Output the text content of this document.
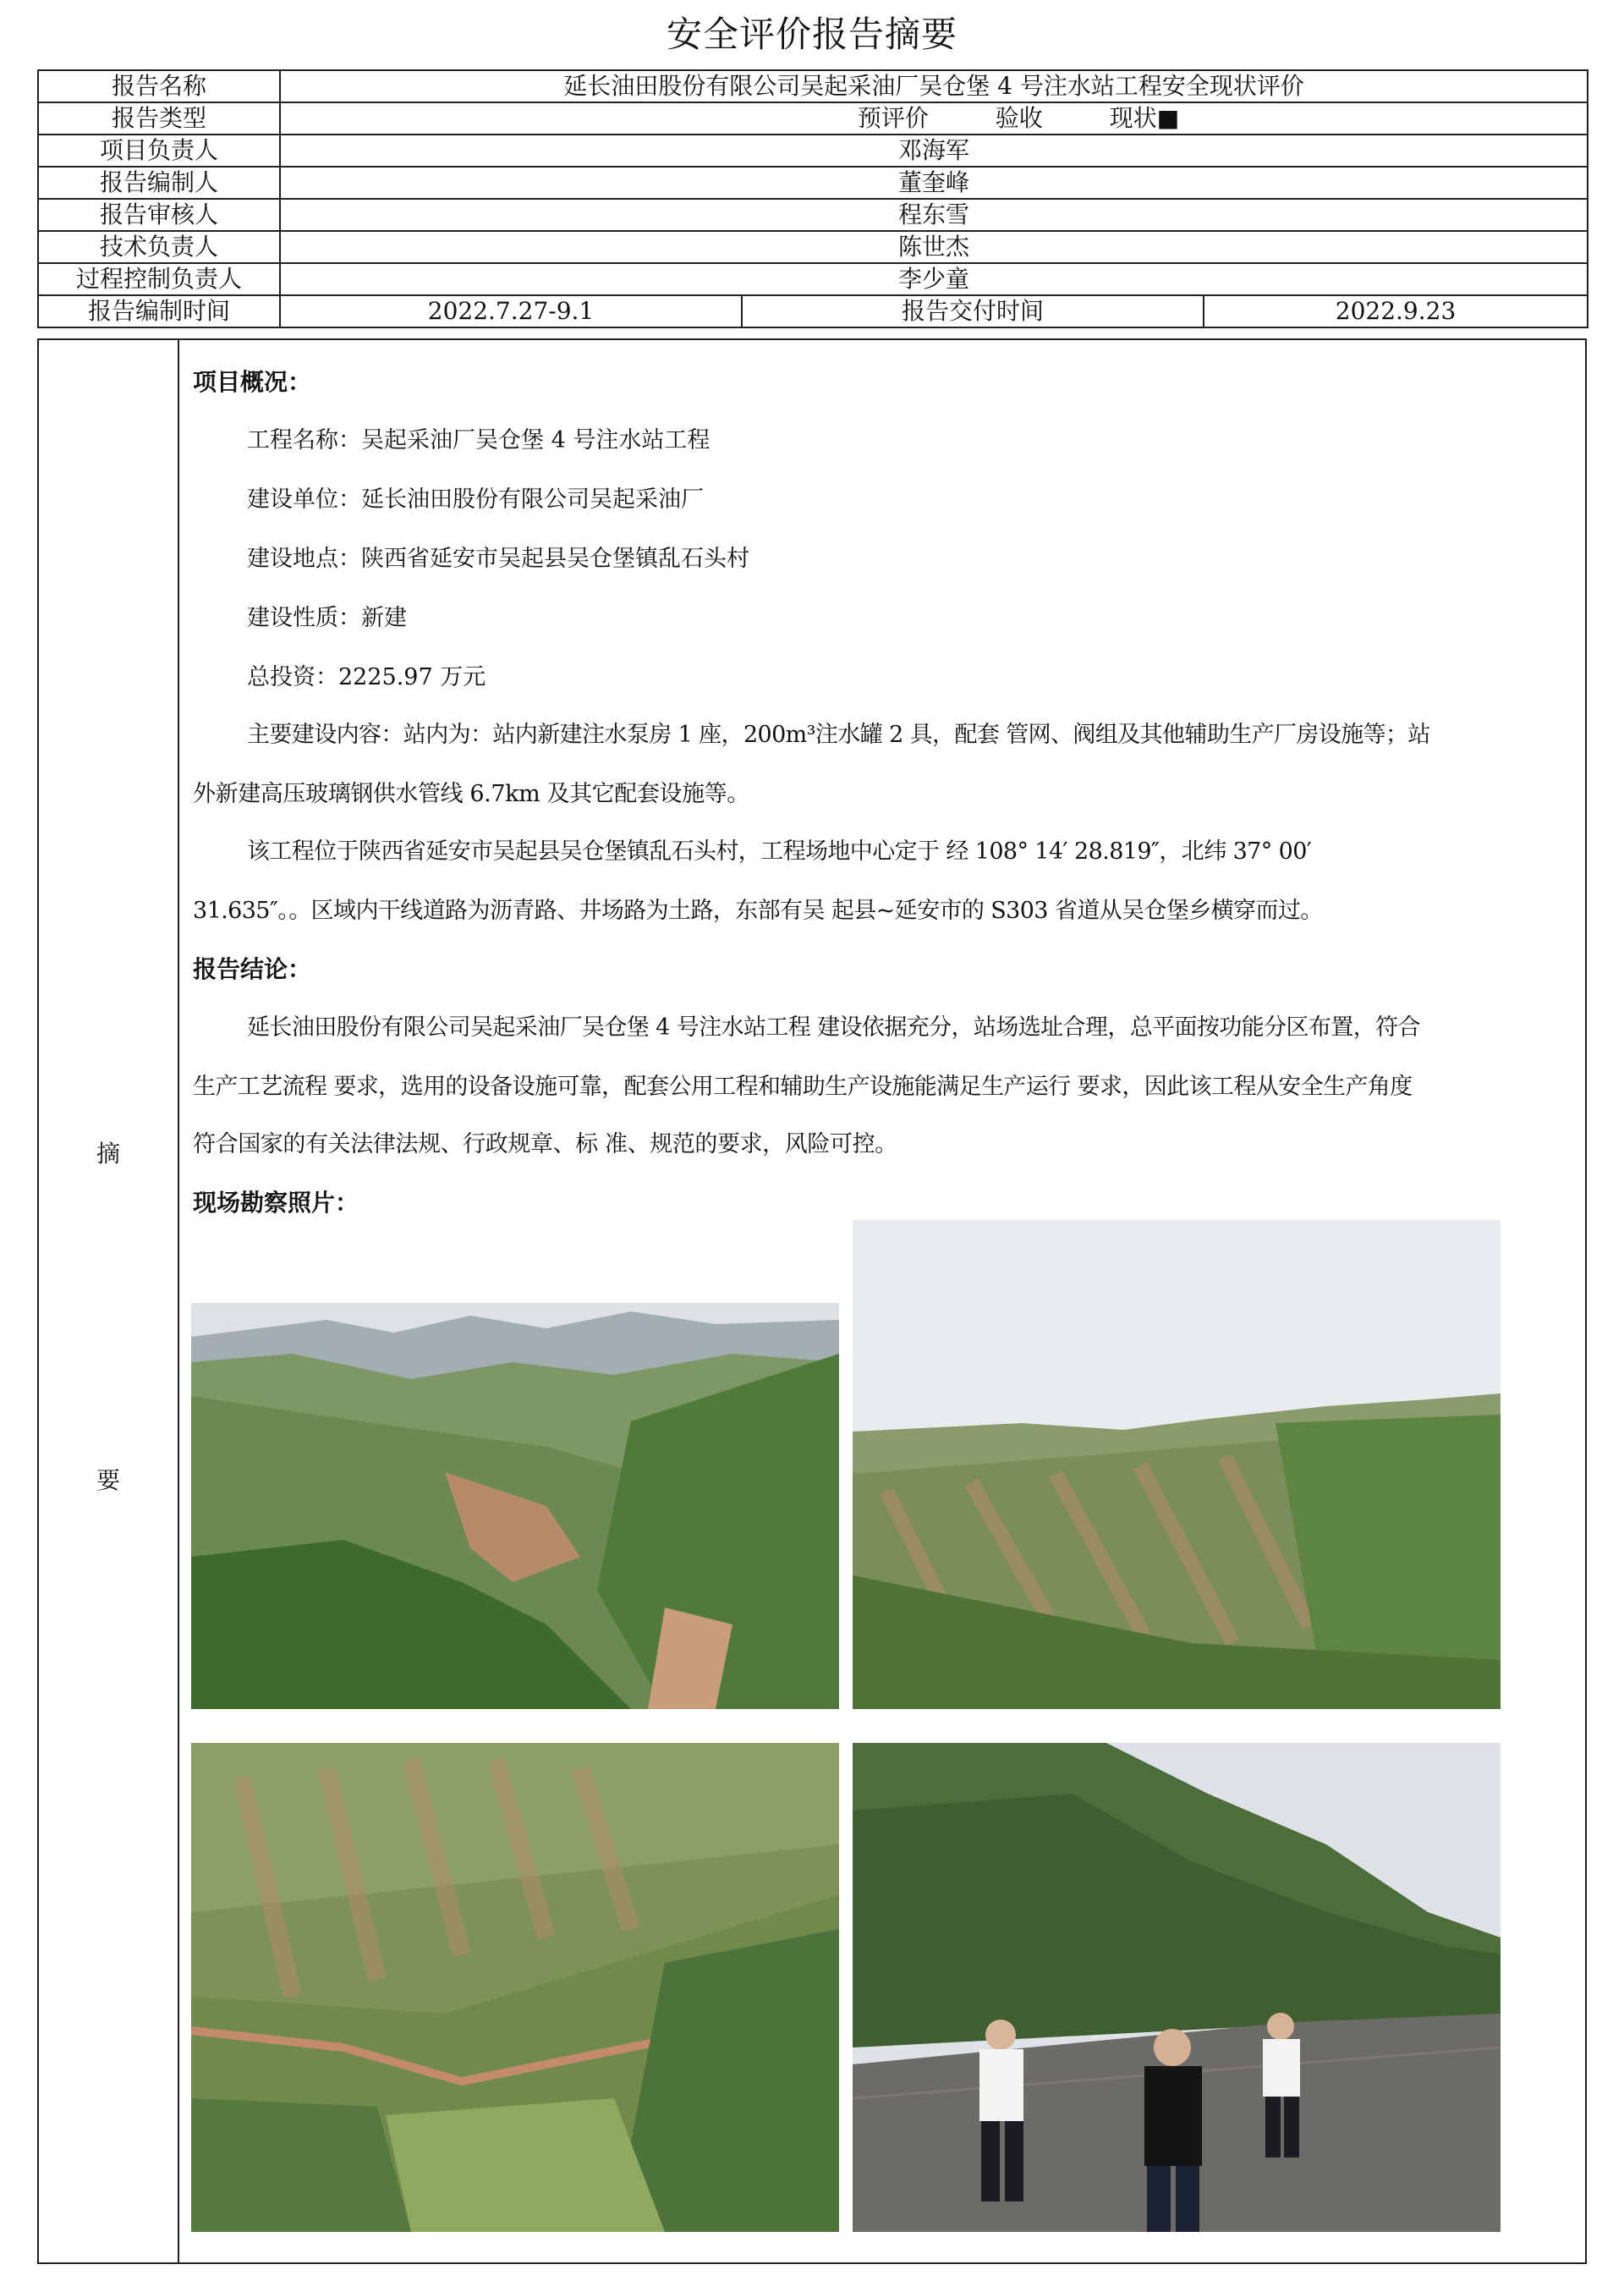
安全评价报告摘要
报告名称	延长油田股份有限公司吴起采油厂吴仓堡 4 号注水站工程安全现状评价		
报告类型	预评价 验收 现状■		
项目负责人	邓海军		
报告编制人	董奎峰		
报告审核人	程东雪		
技术负责人	陈世杰		
过程控制负责人	李少童		
报告编制时间	2022.7.27-9.1	报告交付时间	2022.9.23
摘
要
项目概况：
工程名称：吴起采油厂吴仓堡 4 号注水站工程
建设单位：延长油田股份有限公司吴起采油厂
建设地点：陕西省延安市吴起县吴仓堡镇乱石头村
建设性质：新建
总投资：2225.97 万元
主要建设内容：站内为：站内新建注水泵房 1 座，200m³注水罐 2 具，配套 管网、阀组及其他辅助生产厂房设施等；站
外新建高压玻璃钢供水管线 6.7km 及其它配套设施等。
该工程位于陕西省延安市吴起县吴仓堡镇乱石头村，工程场地中心定于 经 108° 14′ 28.819″，北纬 37° 00′
31.635″。。区域内干线道路为沥青路、井场路为土路，东部有吴 起县~延安市的 S303 省道从吴仓堡乡横穿而过。
报告结论：
延长油田股份有限公司吴起采油厂吴仓堡 4 号注水站工程 建设依据充分，站场选址合理，总平面按功能分区布置，符合
生产工艺流程 要求，选用的设备设施可靠，配套公用工程和辅助生产设施能满足生产运行 要求，因此该工程从安全生产角度
符合国家的有关法律法规、行政规章、标 准、规范的要求，风险可控。
现场勘察照片：
